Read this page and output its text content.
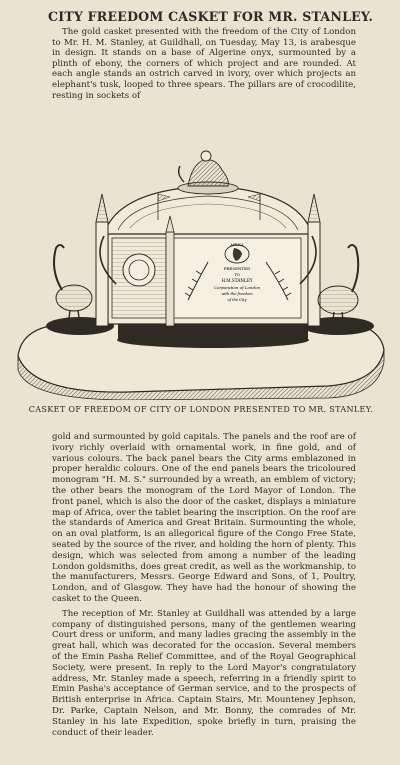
CITY FREEDOM CASKET FOR MR. STANLEY.
The gold casket presented with the freedom of the City of London to Mr. H. M. Stanley, at Guildhall, on Tuesday, May 13, is arabesque in design. It stands on a base of Algerine onyx, surmounted by a plinth of ebony, the corners of which project and are rounded. At each angle stands an ostrich carved in ivory, over which projects an elephant's tusk, looped to three spears. The pillars are of crocodilite, resting in sockets of
AFRICA
PRESENTED
TO
H.M.STANLEY
Corporation of London
with the freedom
of the City
CASKET OF FREEDOM OF CITY OF LONDON PRESENTED TO MR. STANLEY.

gold and surmounted by gold capitals. The panels and the roof are of ivory richly overlaid with ornamental work, in fine gold, and of various colours. The back panel bears the City arms emblazoned in proper heraldic colours. One of the end panels bears the tricoloured monogram "H. M. S." surrounded by a wreath, an emblem of victory; the other bears the monogram of the Lord Mayor of London. The front panel, which is also the door of the casket, displays a miniature map of Africa, over the tablet bearing the inscription. On the roof are the standards of America and Great Britain. Surmounting the whole, on an oval platform, is an allegorical figure of the Congo Free State, seated by the source of the river, and holding the horn of plenty. This design, which was selected from among a number of the leading London goldsmiths, does great credit, as well as the workmanship, to the manufacturers, Messrs. George Edward and Sons, of 1, Poultry, London, and of Glasgow. They have had the honour of showing the casket to the Queen.

The reception of Mr. Stanley at Guildhall was attended by a large company of distinguished persons, many of the gentlemen wearing Court dress or uniform, and many ladies gracing the assembly in the great hall, which was decorated for the occasion. Several members of the Emin Pasha Relief Committee, and of the Royal Geographical Society, were present. In reply to the Lord Mayor's congratulatory address, Mr. Stanley made a speech, referring in a friendly spirit to Emin Pasha's acceptance of German service, and to the prospects of British enterprise in Africa. Captain Stairs, Mr. Mounteney Jephson, Dr. Parke, Captain Nelson, and Mr. Bonny, the comrades of Mr. Stanley in his late Expedition, spoke briefly in turn, praising the conduct of their leader.
